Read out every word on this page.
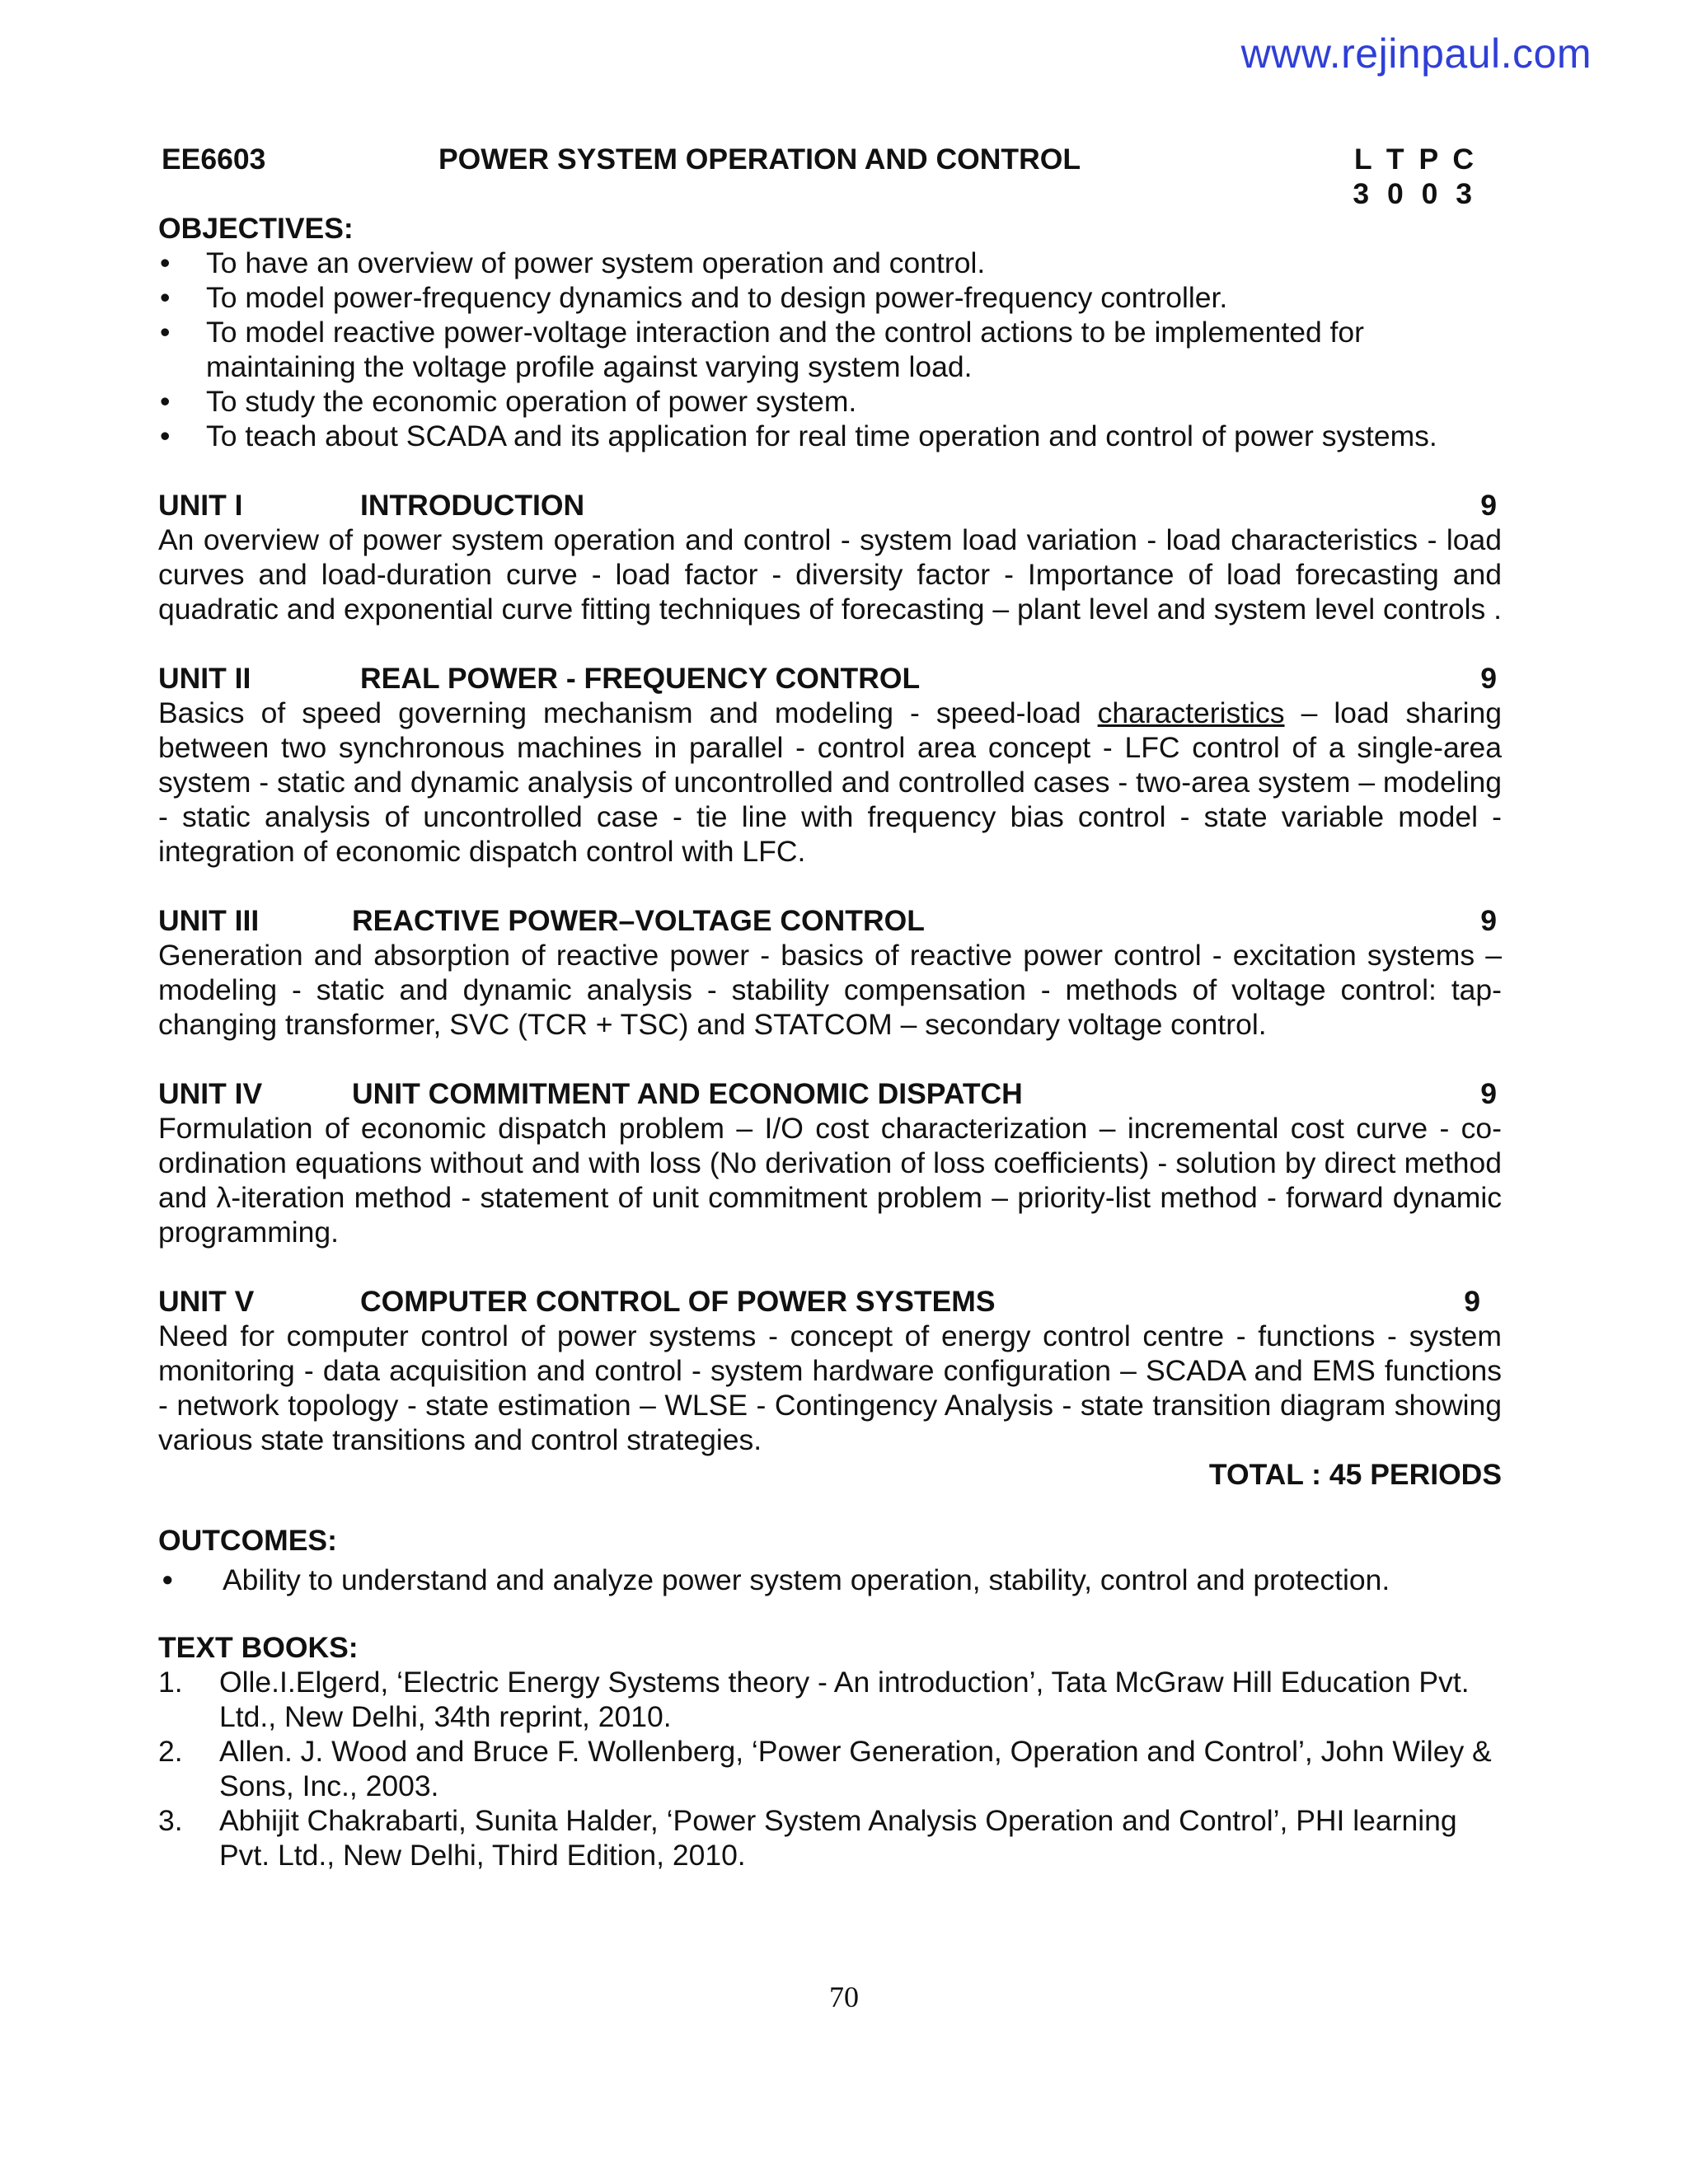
www.rejinpaul.com
EE6603	POWER SYSTEM OPERATION AND CONTROL	L T P C
3 0 0 3
OBJECTIVES:
• To have an overview of power system operation and control.
• To model power-frequency dynamics and to design power-frequency controller.
• To model reactive power-voltage interaction and the control actions to be implemented for maintaining the voltage profile against varying system load.
• To study the economic operation of power system.
• To teach about SCADA and its application for real time operation and control of power systems.
UNIT I	INTRODUCTION	9
An overview of power system operation and control - system load variation - load characteristics - load curves and load-duration curve - load factor - diversity factor - Importance of load forecasting and quadratic and exponential curve fitting techniques of forecasting – plant level and system level controls .
UNIT II	REAL POWER - FREQUENCY CONTROL	9
Basics of speed governing mechanism and modeling - speed-load characteristics – load sharing between two synchronous machines in parallel - control area concept - LFC control of a single-area system - static and dynamic analysis of uncontrolled and controlled cases - two-area system – modeling - static analysis of uncontrolled case - tie line with frequency bias control - state variable model - integration of economic dispatch control with LFC.
UNIT III	REACTIVE POWER–VOLTAGE CONTROL	9
Generation and absorption of reactive power - basics of reactive power control - excitation systems – modeling - static and dynamic analysis - stability compensation - methods of voltage control: tap-changing transformer, SVC (TCR + TSC) and STATCOM – secondary voltage control.
UNIT IV	UNIT COMMITMENT AND ECONOMIC DISPATCH	9
Formulation of economic dispatch problem – I/O cost characterization – incremental cost curve - co-ordination equations without and with loss (No derivation of loss coefficients) - solution by direct method and λ-iteration method - statement of unit commitment problem – priority-list method - forward dynamic programming.
UNIT V	COMPUTER CONTROL OF POWER SYSTEMS	9
Need for computer control of power systems - concept of energy control centre - functions - system monitoring - data acquisition and control - system hardware configuration – SCADA and EMS functions - network topology - state estimation – WLSE - Contingency Analysis - state transition diagram showing various state transitions and control strategies.
TOTAL : 45 PERIODS
OUTCOMES:
● Ability to understand and analyze power system operation, stability, control and protection.
TEXT BOOKS:
1. Olle.I.Elgerd, ‘Electric Energy Systems theory - An introduction’, Tata McGraw Hill Education Pvt. Ltd., New Delhi, 34th reprint, 2010.
2. Allen. J. Wood and Bruce F. Wollenberg, ‘Power Generation, Operation and Control’, John Wiley & Sons, Inc., 2003.
3. Abhijit Chakrabarti, Sunita Halder, ‘Power System Analysis Operation and Control’, PHI learning Pvt. Ltd., New Delhi, Third Edition, 2010.
70
